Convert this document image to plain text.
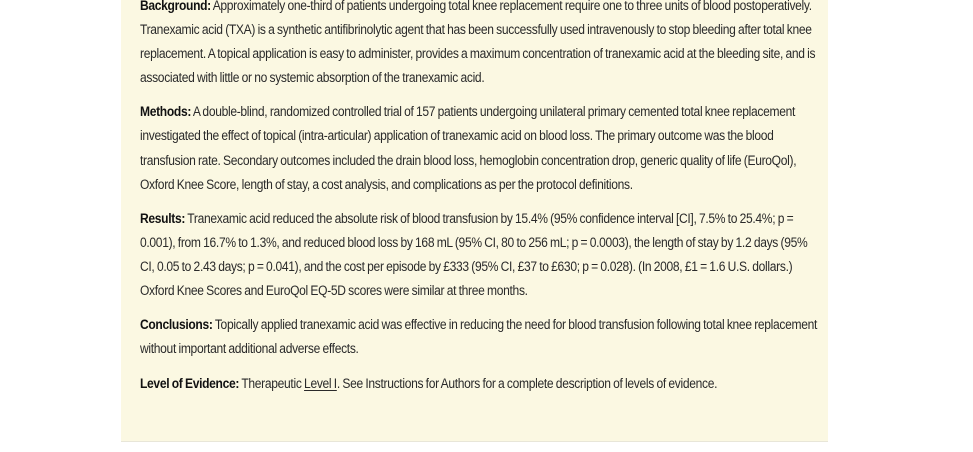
Background: Approximately one-third of patients undergoing total knee replacement require one to three units of blood postoperatively. Tranexamic acid (TXA) is a synthetic antifibrinolytic agent that has been successfully used intravenously to stop bleeding after total knee replacement. A topical application is easy to administer, provides a maximum concentration of tranexamic acid at the bleeding site, and is associated with little or no systemic absorption of the tranexamic acid.

Methods: A double-blind, randomized controlled trial of 157 patients undergoing unilateral primary cemented total knee replacement investigated the effect of topical (intra-articular) application of tranexamic acid on blood loss. The primary outcome was the blood transfusion rate. Secondary outcomes included the drain blood loss, hemoglobin concentration drop, generic quality of life (EuroQol), Oxford Knee Score, length of stay, a cost analysis, and complications as per the protocol definitions.

Results: Tranexamic acid reduced the absolute risk of blood transfusion by 15.4% (95% confidence interval [CI], 7.5% to 25.4%; p = 0.001), from 16.7% to 1.3%, and reduced blood loss by 168 mL (95% CI, 80 to 256 mL; p = 0.0003), the length of stay by 1.2 days (95% CI, 0.05 to 2.43 days; p = 0.041), and the cost per episode by £333 (95% CI, £37 to £630; p = 0.028). (In 2008, £1 = 1.6 U.S. dollars.) Oxford Knee Scores and EuroQol EQ-5D scores were similar at three months.

Conclusions: Topically applied tranexamic acid was effective in reducing the need for blood transfusion following total knee replacement without important additional adverse effects.

Level of Evidence: Therapeutic Level I. See Instructions for Authors for a complete description of levels of evidence.
